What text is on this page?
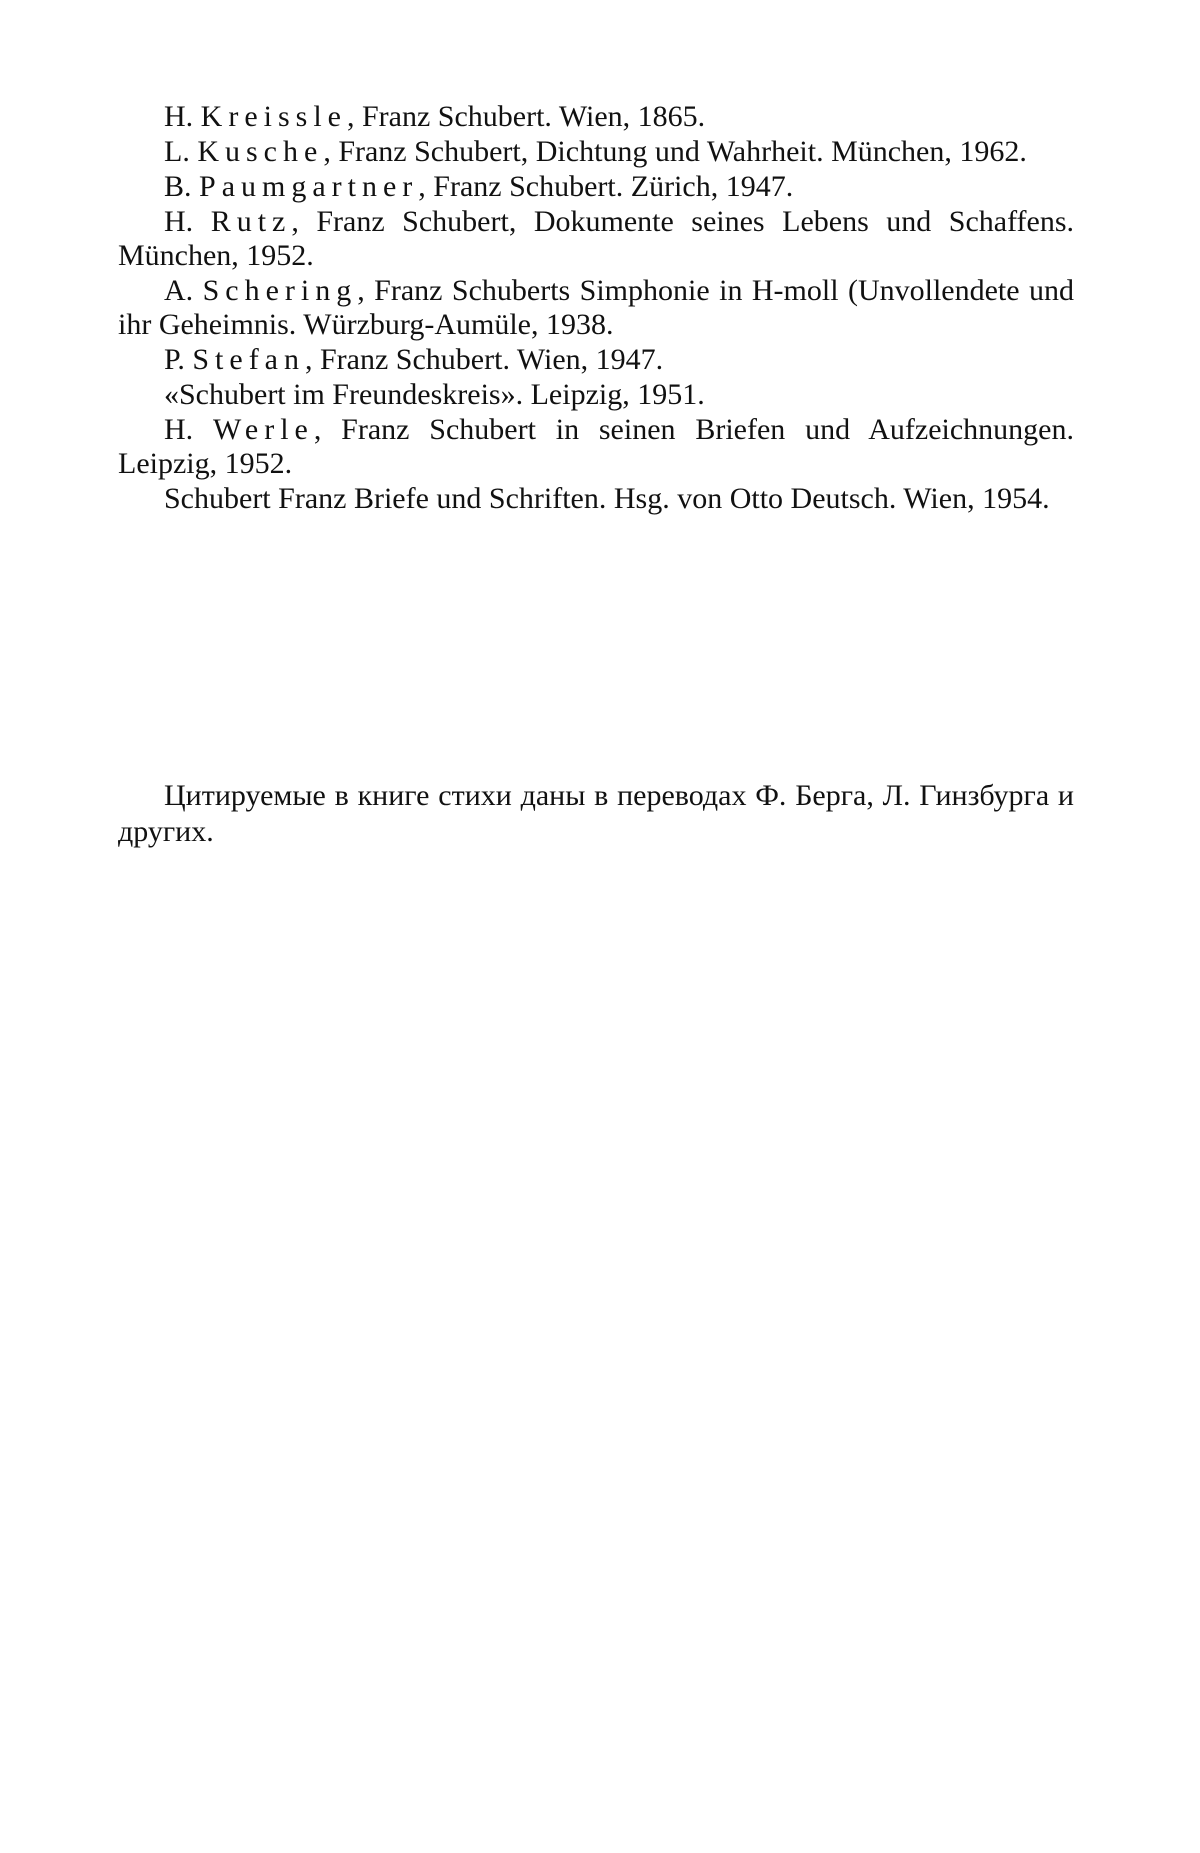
H. Kreissle, Franz Schubert. Wien, 1865.

L. Kusche, Franz Schubert, Dichtung und Wahrheit. München, 1962.

B. Paumgartner, Franz Schubert. Zürich, 1947.

H. Rutz, Franz Schubert, Dokumente seines Lebens und Schaffens. München, 1952.

A. Schering, Franz Schuberts Simphonie in H-moll (Unvollendete und ihr Geheimnis. Würzburg-Aumüle, 1938.

P. Stefan, Franz Schubert. Wien, 1947.

«Schubert im Freundeskreis». Leipzig, 1951.

H. Werle, Franz Schubert in seinen Briefen und Aufzeichnungen. Leipzig, 1952.

Schubert Franz Briefe und Schriften. Hsg. von Otto Deutsch. Wien, 1954.

Цитируемые в книге стихи даны в переводах Ф. Берга, Л. Гинзбурга и других.
